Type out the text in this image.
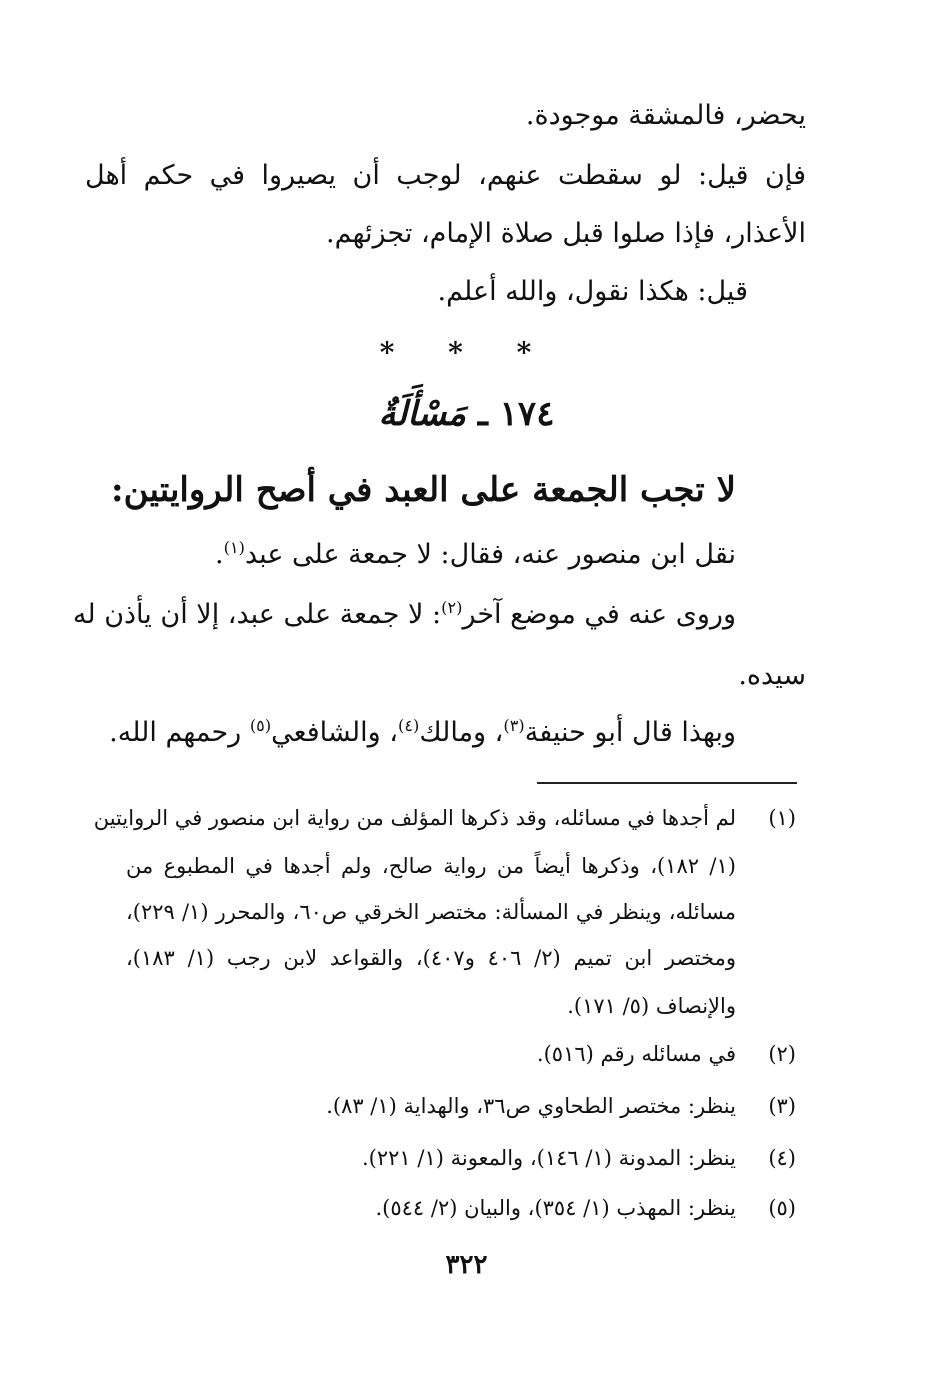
يحضر، فالمشقة موجودة.
فإن قيل: لو سقطت عنهم، لوجب أن يصيروا في حكم أهل
الأعذار، فإذا صلوا قبل صلاة الإمام، تجزئهم.
قيل: هكذا نقول، والله أعلم.
* * *
١٧٤ ـ مَسْأَلَةٌ
لا تجب الجمعة على العبد في أصح الروايتين:
نقل ابن منصور عنه، فقال: لا جمعة على عبد$^{(١)}$.
وروى عنه في موضع آخر$^{(٢)}$: لا جمعة على عبد، إلا أن يأذن له
سيده.
وبهذا قال أبو حنيفة$^{(٣)}$، ومالك$^{(٤)}$، والشافعي$^{(٥)}$ رحمهم الله.
(١)
لم أجدها في مسائله، وقد ذكرها المؤلف من رواية ابن منصور في الروايتين
(١/ ١٨٢)، وذكرها أيضاً من رواية صالح، ولم أجدها في المطبوع من
مسائله، وينظر في المسألة: مختصر الخرقي ص٦٠، والمحرر (١/ ٢٢٩)،
ومختصر ابن تميم (٢/ ٤٠٦ و٤٠٧)، والقواعد لابن رجب (١/ ١٨٣)،
والإنصاف (٥/ ١٧١).
(٢)
في مسائله رقم (٥١٦).
(٣)
ينظر: مختصر الطحاوي ص٣٦، والهداية (١/ ٨٣).
(٤)
ينظر: المدونة (١/ ١٤٦)، والمعونة (١/ ٢٢١).
(٥)
ينظر: المهذب (١/ ٣٥٤)، والبيان (٢/ ٥٤٤).
٣٢٢
